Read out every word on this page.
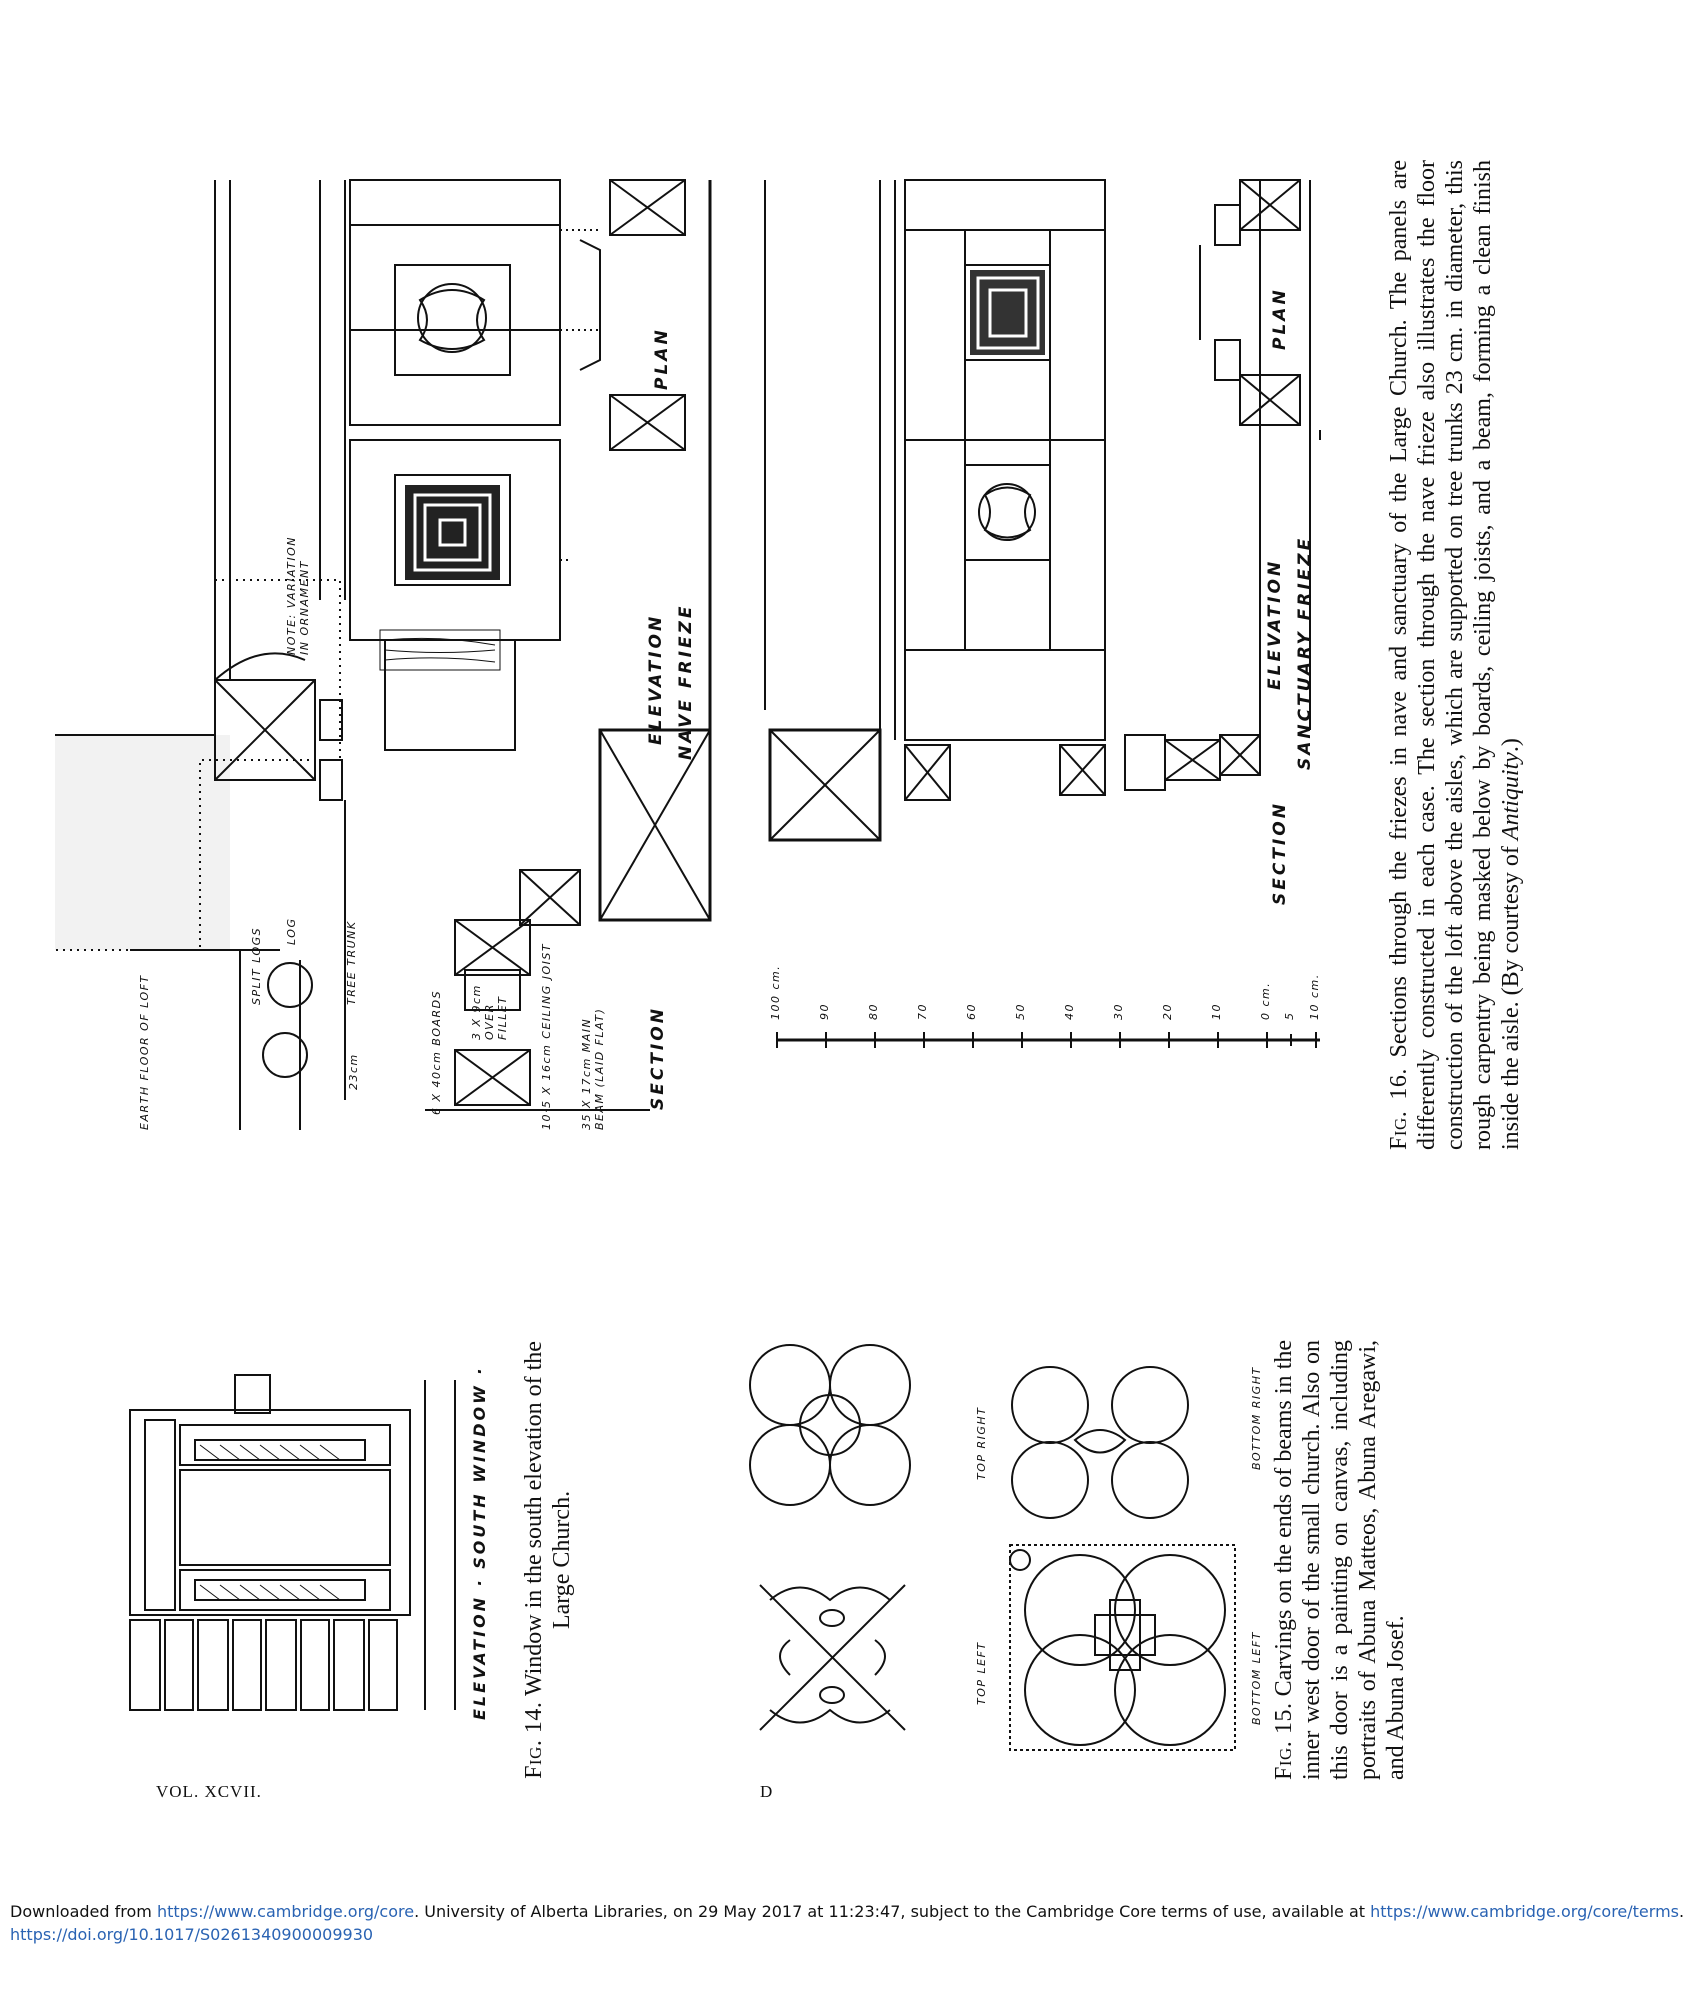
PLAN
ELEVATION NAVE FRIEZE
SECTION
NOTE: VARIATION IN ORNAMENT
EARTH FLOOR OF LOFT
SPLIT LOGS LOG	TREE TRUNK
23cm	6 X 40cm BOARDS 3 X 9cm OVER FILLET	10·5 X 16cm CEILING JOIST 35 X 17cm MAIN BEAM (LAID FLAT)
PLAN
ELEVATION SANCTUARY FRIEZE
SECTION
100 cm.	90	80	70	60	50	40	30	20	10	0 cm. 5 10 cm.
Fig. 16. Sections through the friezes in nave and sanctuary of the Large Church. The panels are differently constructed in each case. The section through the nave frieze also illustrates the floor construction of the loft above the aisles, which are supported on tree trunks 23 cm. in diameter, this rough carpentry being masked below by boards, ceiling joists, and a beam, forming a clean finish inside the aisle. (By courtesy of Antiquity.)
ELEVATION · SOUTH WINDOW ·
Fig. 14. Window in the south elevation of the Large Church.
TOP LEFT
TOP RIGHT
BOTTOM LEFT
BOTTOM RIGHT
Fig. 15. Carvings on the ends of beams in the inner west door of the small church. Also on this door is a painting on canvas, including portraits of Abuna Matteos, Abuna Aregawi, and Abuna Josef.
VOL. XCVII.	D
Downloaded from https://www.cambridge.org/core. University of Alberta Libraries, on 29 May 2017 at 11:23:47, subject to the Cambridge Core terms of use, available at https://www.cambridge.org/core/terms.
https://doi.org/10.1017/S0261340900009930
